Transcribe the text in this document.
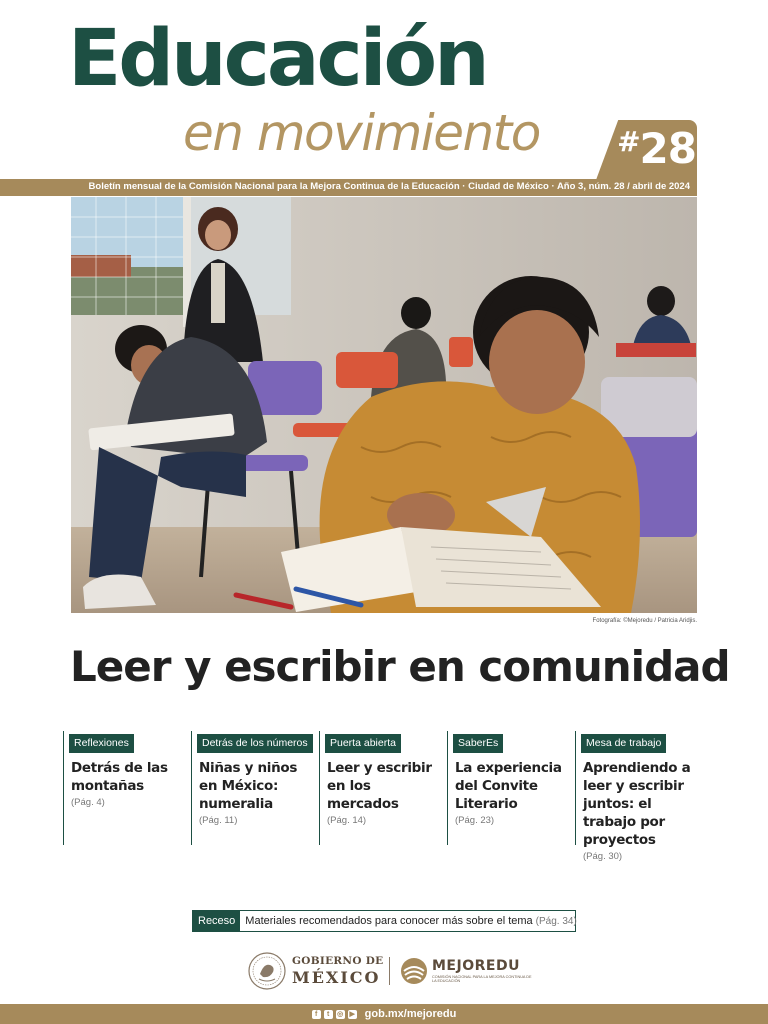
Educación
en movimiento	#28
Boletín mensual de la Comisión Nacional para la Mejora Continua de la Educación · Ciudad de México · Año 3, núm. 28 / abril de 2024
Fotografía: ©Mejoredu / Patricia Aridjis.
Leer y escribir en comunidad
Reflexiones
Detrás de las montañas
(Pág. 4)
Detrás de los números
Niñas y niños en México: numeralia
(Pág. 11)
Puerta abierta
Leer y escribir en los mercados
(Pág. 14)
SaberEs
La experiencia del Convite Literario
(Pág. 23)
Mesa de trabajo
Aprendiendo a leer y escribir juntos: el trabajo por proyectos
(Pág. 30)
Receso Materiales recomendados para conocer más sobre el tema (Pág. 34)
GOBIERNO DE
MÉXICO
MEJOREDU
COMISIÓN NACIONAL PARA LA MEJORA CONTINUA DE LA EDUCACIÓN
f	t	◎ ▶ gob.mx/mejoredu
